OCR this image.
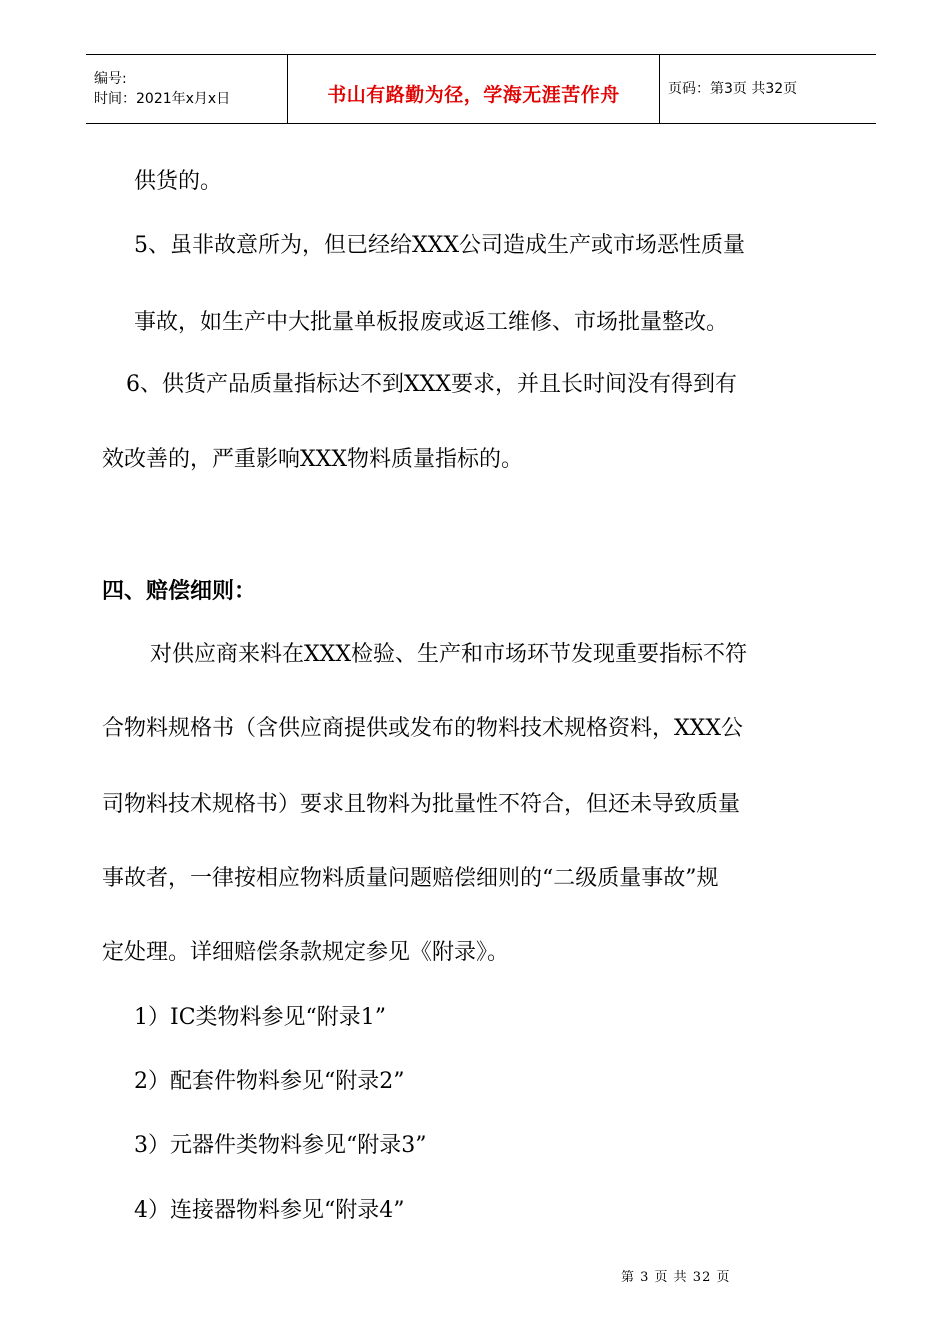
编号:
时间：2021年x月x日	书山有路勤为径，学海无涯苦作舟	页码：第3页 共32页
供货的。
5、虽非故意所为，但已经给XXX公司造成生产或市场恶性质量
事故，如生产中大批量单板报废或返工维修、市场批量整改。
6、供货产品质量指标达不到XXX要求，并且长时间没有得到有
效改善的，严重影响XXX物料质量指标的。
四、赔偿细则：
对供应商来料在XXX检验、生产和市场环节发现重要指标不符
合物料规格书（含供应商提供或发布的物料技术规格资料，XXX公
司物料技术规格书）要求且物料为批量性不符合，但还未导致质量
事故者，一律按相应物料质量问题赔偿细则的“二级质量事故”规
定处理。详细赔偿条款规定参见《附录》。
1）IC类物料参见“附录1”
2）配套件物料参见“附录2”
3）元器件类物料参见“附录3”
4）连接器物料参见“附录4”
第 3 页 共 32 页
